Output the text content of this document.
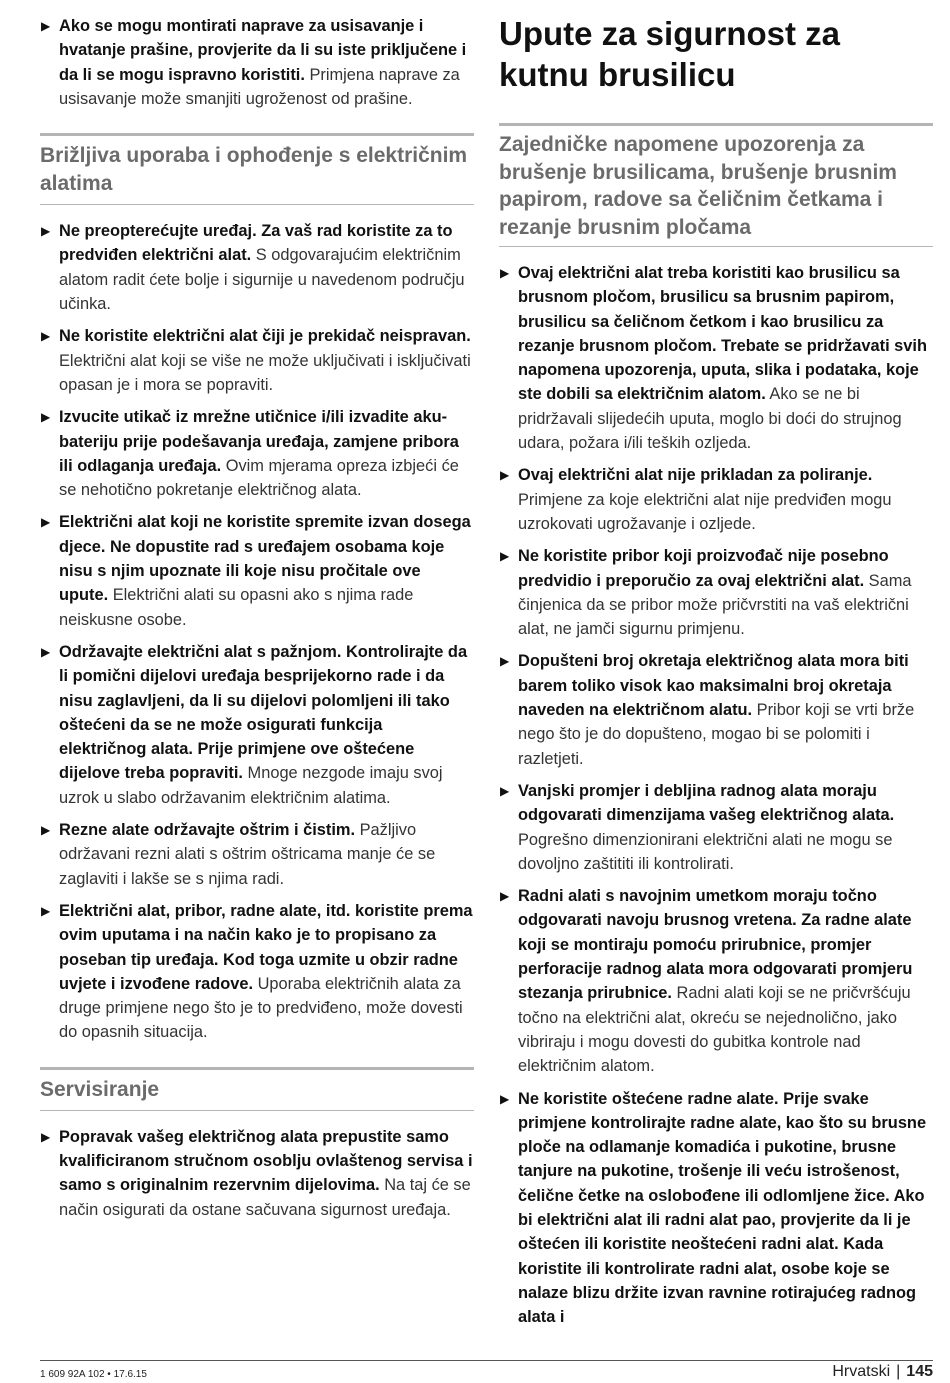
▶ Ako se mogu montirati naprave za usisavanje i hvatanje prašine, provjerite da li su iste priključene i da li se mogu ispravno koristiti. Primjena naprave za usisavanje može smanjiti ugroženost od prašine.
Brižljiva uporaba i ophođenje s električnim alatima
▶ Ne preopterećujte uređaj. Za vaš rad koristite za to predviđen električni alat. S odgovarajućim električnim alatom radit ćete bolje i sigurnije u navedenom području učinka.
▶ Ne koristite električni alat čiji je prekidač neispravan. Električni alat koji se više ne može uključivati i isključivati opasan je i mora se popraviti.
▶ Izvucite utikač iz mrežne utičnice i/ili izvadite aku-bateriju prije podešavanja uređaja, zamjene pribora ili odlaganja uređaja. Ovim mjerama opreza izbjeći će se nehotično pokretanje električnog alata.
▶ Električni alat koji ne koristite spremite izvan dosega djece. Ne dopustite rad s uređajem osobama koje nisu s njim upoznate ili koje nisu pročitale ove upute. Električni alati su opasni ako s njima rade neiskusne osobe.
▶ Održavajte električni alat s pažnjom. Kontrolirajte da li pomični dijelovi uređaja besprijekorno rade i da nisu zaglavljeni, da li su dijelovi polomljeni ili tako oštećeni da se ne može osigurati funkcija električnog alata. Prije primjene ove oštećene dijelove treba popraviti. Mnoge nezgode imaju svoj uzrok u slabo održavanim električnim alatima.
▶ Rezne alate održavajte oštrim i čistim. Pažljivo održavani rezni alati s oštrim oštricama manje će se zaglaviti i lakše se s njima radi.
▶ Električni alat, pribor, radne alate, itd. koristite prema ovim uputama i na način kako je to propisano za poseban tip uređaja. Kod toga uzmite u obzir radne uvjete i izvođene radove. Uporaba električnih alata za druge primjene nego što je to predviđeno, može dovesti do opasnih situacija.
Servisiranje
▶ Popravak vašeg električnog alata prepustite samo kvalificiranom stručnom osoblju ovlaštenog servisa i samo s originalnim rezervnim dijelovima. Na taj će se način osigurati da ostane sačuvana sigurnost uređaja.
Upute za sigurnost za kutnu brusilicu
Zajedničke napomene upozorenja za brušenje brusilicama, brušenje brusnim papirom, radove sa čeličnim četkama i rezanje brusnim pločama
▶ Ovaj električni alat treba koristiti kao brusilicu sa brusnom pločom, brusilicu sa brusnim papirom, brusilicu sa čeličnom četkom i kao brusilicu za rezanje brusnom pločom. Trebate se pridržavati svih napomena upozorenja, uputa, slika i podataka, koje ste dobili sa električnim alatom. Ako se ne bi pridržavali slijedećih uputa, moglo bi doći do strujnog udara, požara i/ili teških ozljeda.
▶ Ovaj električni alat nije prikladan za poliranje. Primjene za koje električni alat nije predviđen mogu uzrokovati ugrožavanje i ozljede.
▶ Ne koristite pribor koji proizvođač nije posebno predvidio i preporučio za ovaj električni alat. Sama činjenica da se pribor može pričvrstiti na vaš električni alat, ne jamči sigurnu primjenu.
▶ Dopušteni broj okretaja električnog alata mora biti barem toliko visok kao maksimalni broj okretaja naveden na električnom alatu. Pribor koji se vrti brže nego što je do dopušteno, mogao bi se polomiti i razletjeti.
▶ Vanjski promjer i debljina radnog alata moraju odgovarati dimenzijama vašeg električnog alata. Pogrešno dimenzionirani električni alati ne mogu se dovoljno zaštititi ili kontrolirati.
▶ Radni alati s navojnim umetkom moraju točno odgovarati navoju brusnog vretena. Za radne alate koji se montiraju pomoću prirubnice, promjer perforacije radnog alata mora odgovarati promjeru stezanja prirubnice. Radni alati koji se ne pričvršćuju točno na električni alat, okreću se nejednolično, jako vibriraju i mogu dovesti do gubitka kontrole nad električnim alatom.
▶ Ne koristite oštećene radne alate. Prije svake primjene kontrolirajte radne alate, kao što su brusne ploče na odlamanje komadića i pukotine, brusne tanjure na pukotine, trošenje ili veću istrošenost, čelične četke na oslobođene ili odlomljene žice. Ako bi električni alat ili radni alat pao, provjerite da li je oštećen ili koristite neoštećeni radni alat. Kada koristite ili kontrolirate radni alat, osobe koje se nalaze blizu držite izvan ravnine rotirajućeg radnog alata i
1 609 92A 102 • 17.6.15	Hrvatski | 145
